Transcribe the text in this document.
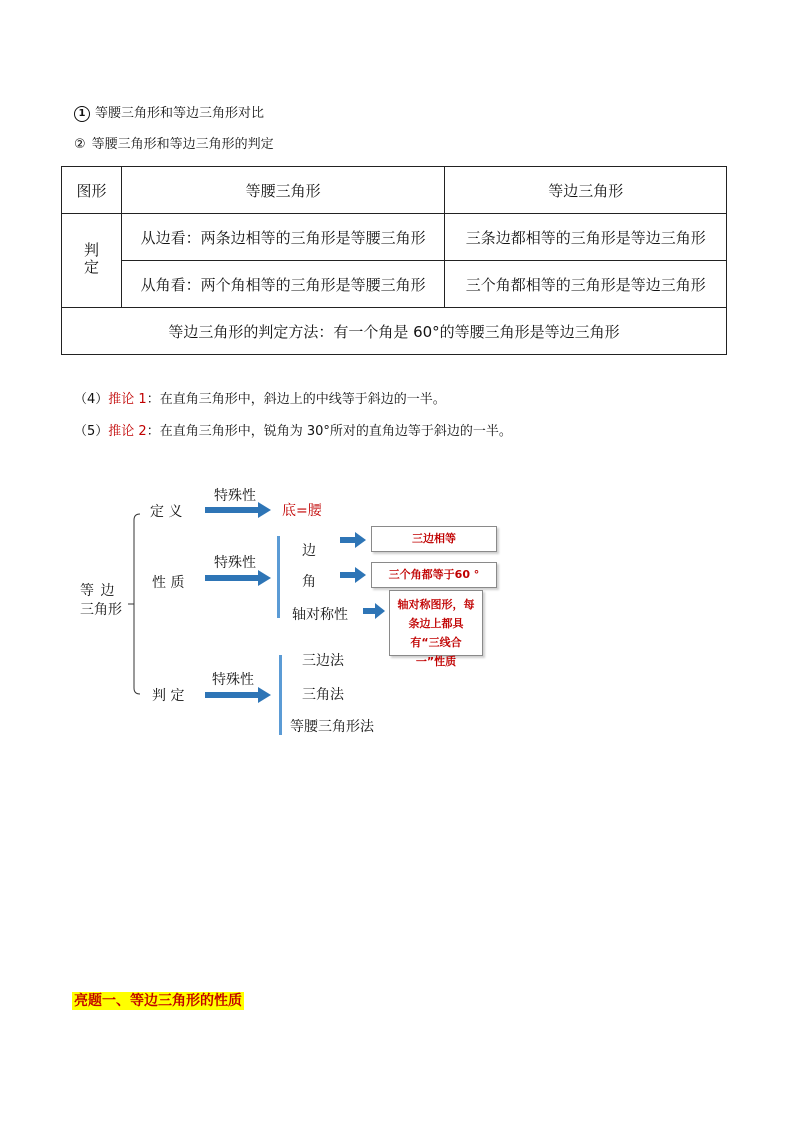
1 等腰三角形和等边三角形对比
② 等腰三角形和等边三角形的判定
图形	等腰三角形	等边三角形
判定	从边看：两条边相等的三角形是等腰三角形	三条边都相等的三角形是等边三角形
	从角看：两个角相等的三角形是等腰三角形	三个角都相等的三角形是等边三角形
等边三角形的判定方法：有一个角是 60°的等腰三角形是等边三角形		
（4）推论 1：在直角三角形中，斜边上的中线等于斜边的一半。
（5）推论 2：在直角三角形中，锐角为 30°所对的直角边等于斜边的一半。
等 边
三角形
定 义
性 质
判 定
特殊性
特殊性
特殊性
底=腰
边
角
轴对称性
三边相等
三个角都等于60 °
轴对称图形，每条边上都具有“三线合一”性质
三边法
三角法
等腰三角形法
亮题一、等边三角形的性质
